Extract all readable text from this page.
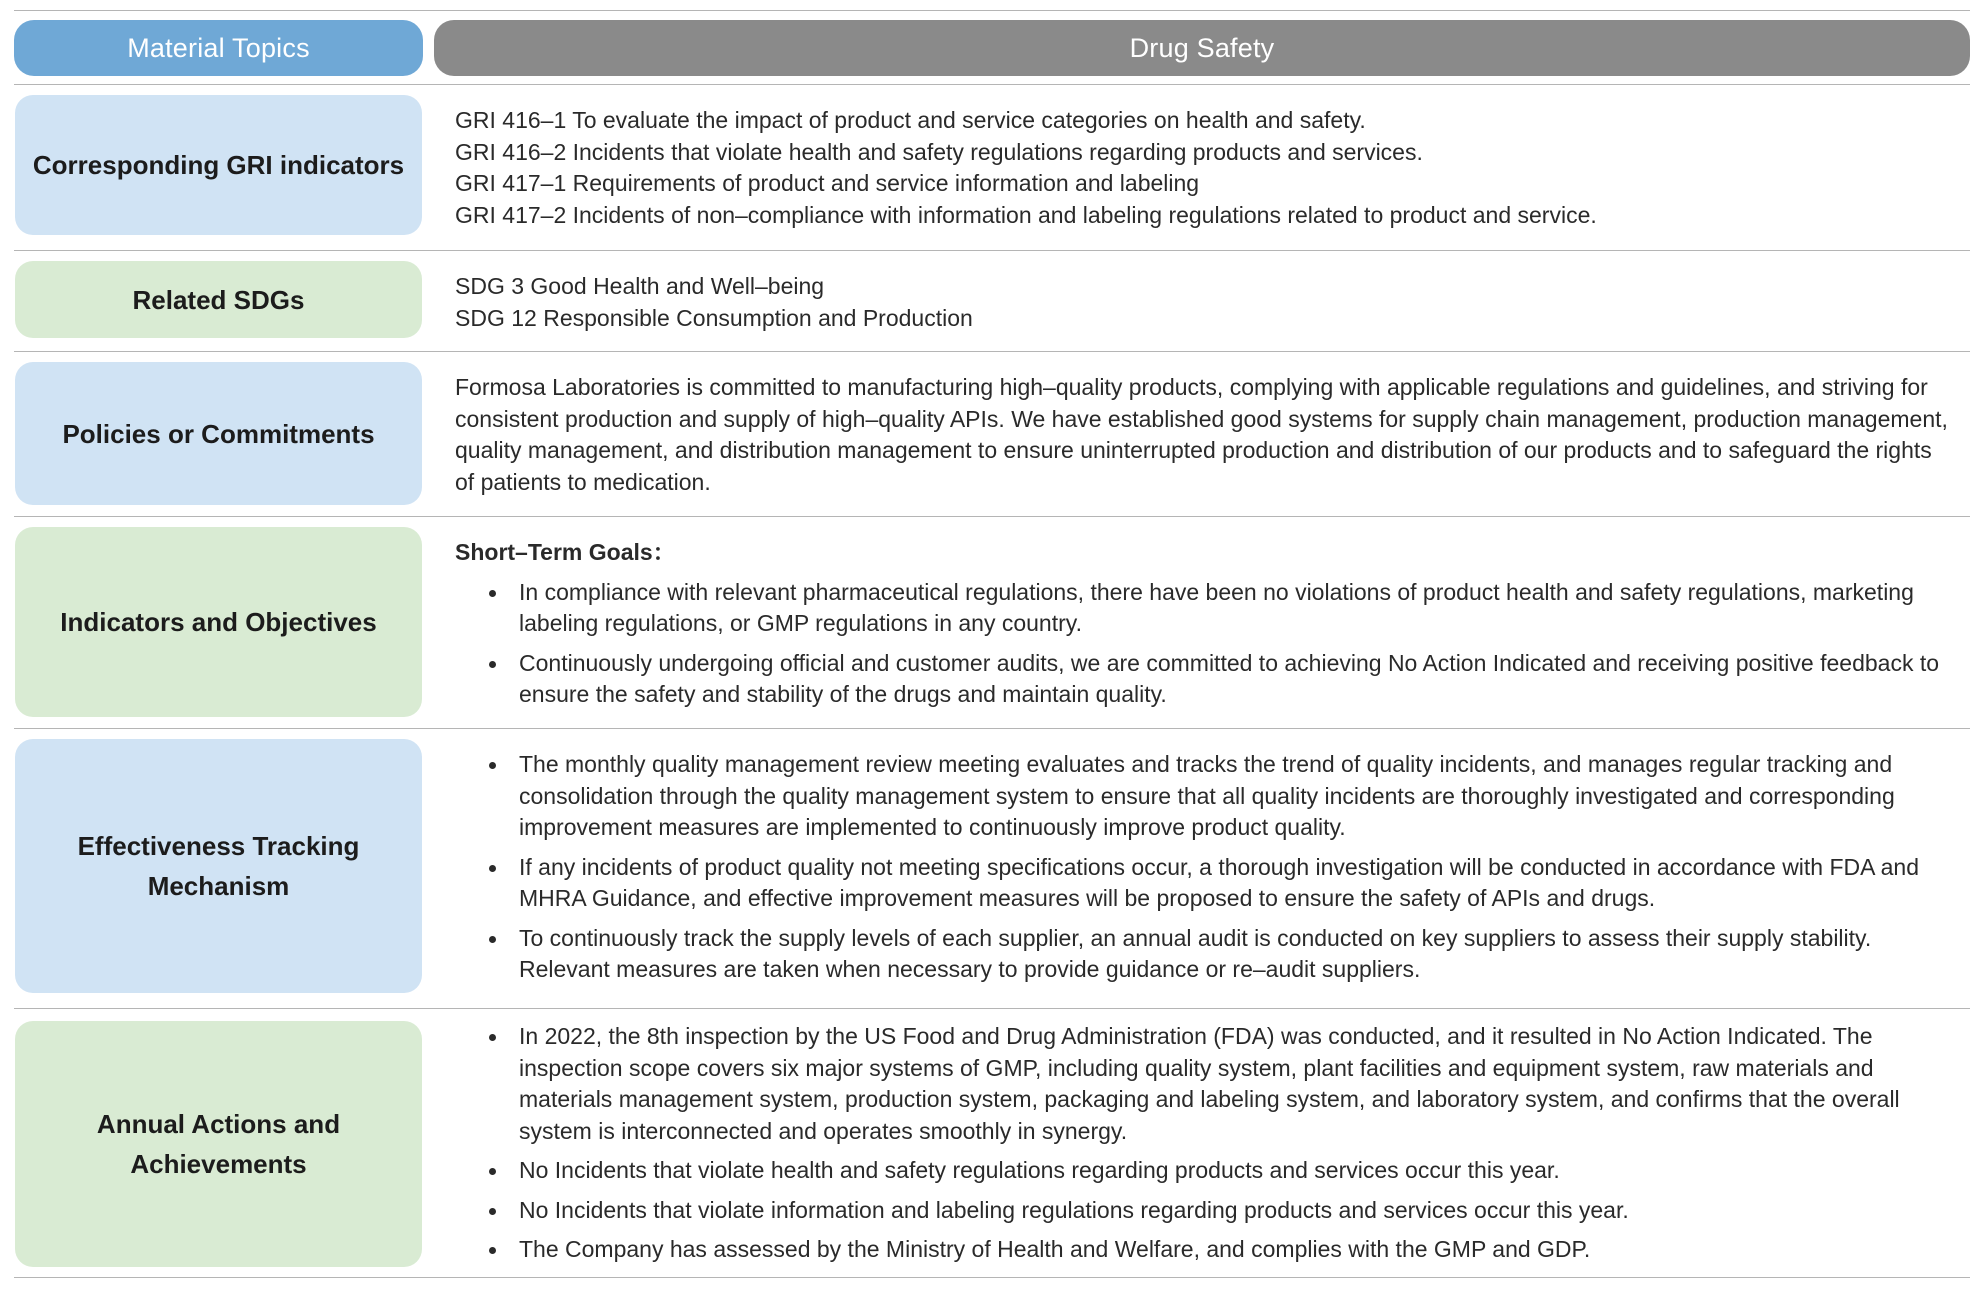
Material Topics	Drug Safety
Corresponding GRI indicators

GRI 416–1 To evaluate the impact of product and service categories on health and safety.

GRI 416–2 Incidents that violate health and safety regulations regarding products and services.

GRI 417–1 Requirements of product and service information and labeling

GRI 417–2 Incidents of non–compliance with information and labeling regulations related to product and service.

Related SDGs	SDG 3 Good Health and Well–being

SDG 12 Responsible Consumption and Production

Policies or Commitments

Formosa Laboratories is committed to manufacturing high–quality products, complying with applicable regulations and guidelines, and striving for consistent production and supply of high–quality APIs. We have established good systems for supply chain management, production management, quality management, and distribution management to ensure uninterrupted production and distribution of our products and to safeguard the rights of patients to medication.

Indicators and Objectives

Short–Term Goals：

In compliance with relevant pharmaceutical regulations, there have been no violations of product health and safety regulations, marketing labeling regulations, or GMP regulations in any country.
Continuously undergoing official and customer audits, we are committed to achieving No Action Indicated and receiving positive feedback to ensure the safety and stability of the drugs and maintain quality.
Effectiveness Tracking
Mechanism
The monthly quality management review meeting evaluates and tracks the trend of quality incidents, and manages regular tracking and consolidation through the quality management system to ensure that all quality incidents are thoroughly investigated and corresponding improvement measures are implemented to continuously improve product quality.
If any incidents of product quality not meeting specifications occur, a thorough investigation will be conducted in accordance with FDA and MHRA Guidance, and effective improvement measures will be proposed to ensure the safety of APIs and drugs.
To continuously track the supply levels of each supplier, an annual audit is conducted on key suppliers to assess their supply stability. Relevant measures are taken when necessary to provide guidance or re–audit suppliers.
Annual Actions and
Achievements
In 2022, the 8th inspection by the US Food and Drug Administration (FDA) was conducted, and it resulted in No Action Indicated. The inspection scope covers six major systems of GMP, including quality system, plant facilities and equipment system, raw materials and materials management system, production system, packaging and labeling system, and laboratory system, and confirms that the overall system is interconnected and operates smoothly in synergy.
No Incidents that violate health and safety regulations regarding products and services occur this year.
No Incidents that violate information and labeling regulations regarding products and services occur this year.
The Company has assessed by the Ministry of Health and Welfare, and complies with the GMP and GDP.
